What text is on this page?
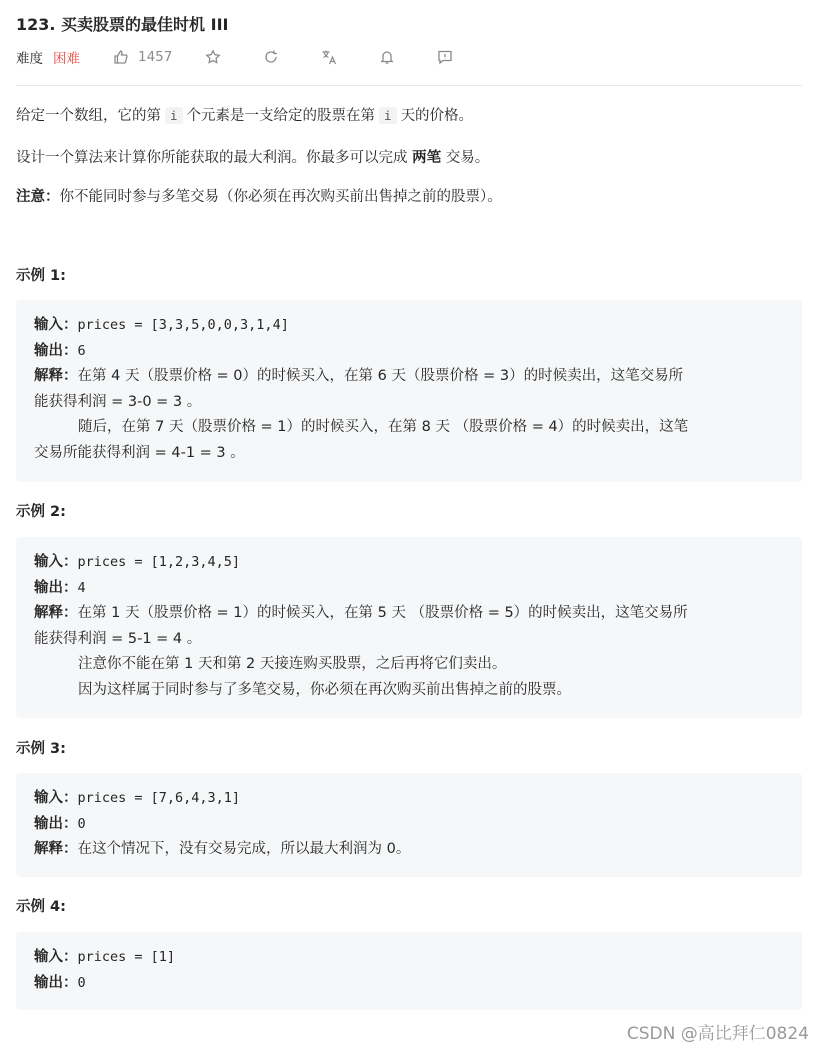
123. 买卖股票的最佳时机 III
难度 困难	1457
给定一个数组，它的第 i 个元素是一支给定的股票在第 i 天的价格。
设计一个算法来计算你所能获取的最大利润。你最多可以完成 两笔 交易。
注意：你不能同时参与多笔交易（你必须在再次购买前出售掉之前的股票）。
示例 1:
输入：prices = [3,3,5,0,0,3,1,4]
输出：6
解释：在第 4 天（股票价格 = 0）的时候买入，在第 6 天（股票价格 = 3）的时候卖出，这笔交易所
能获得利润 = 3-0 = 3 。
随后，在第 7 天（股票价格 = 1）的时候买入，在第 8 天 （股票价格 = 4）的时候卖出，这笔
交易所能获得利润 = 4-1 = 3 。
示例 2:
输入：prices = [1,2,3,4,5]
输出：4
解释：在第 1 天（股票价格 = 1）的时候买入，在第 5 天 （股票价格 = 5）的时候卖出，这笔交易所
能获得利润 = 5-1 = 4 。
注意你不能在第 1 天和第 2 天接连购买股票，之后再将它们卖出。
因为这样属于同时参与了多笔交易，你必须在再次购买前出售掉之前的股票。
示例 3:
输入：prices = [7,6,4,3,1]
输出：0
解释：在这个情况下，没有交易完成，所以最大利润为 0。
示例 4:
输入：prices = [1]
输出：0
CSDN @高比拜仁0824
